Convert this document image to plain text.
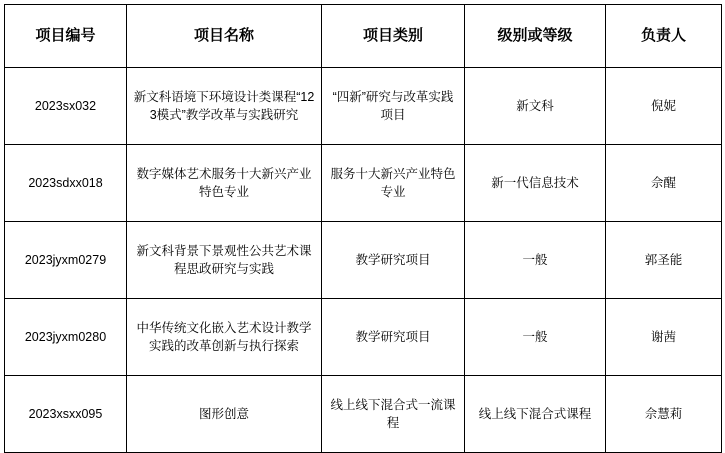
项目编号	项目名称	项目类别	级别或等级	负责人
2023sx032	新文科语境下环境设计类课程“123模式”教学改革与实践研究	“四新”研究与改革实践项目	新文科	倪妮
2023sdxx018	数字媒体艺术服务十大新兴产业特色专业	服务十大新兴产业特色专业	新一代信息技术	佘醒
2023jyxm0279	新文科背景下景观性公共艺术课程思政研究与实践	教学研究项目	一般	郭圣能
2023jyxm0280	中华传统文化嵌入艺术设计教学实践的改革创新与执行探索	教学研究项目	一般	谢茜
2023xsxx095	图形创意	线上线下混合式一流课程	线上线下混合式课程	佘慧莉
